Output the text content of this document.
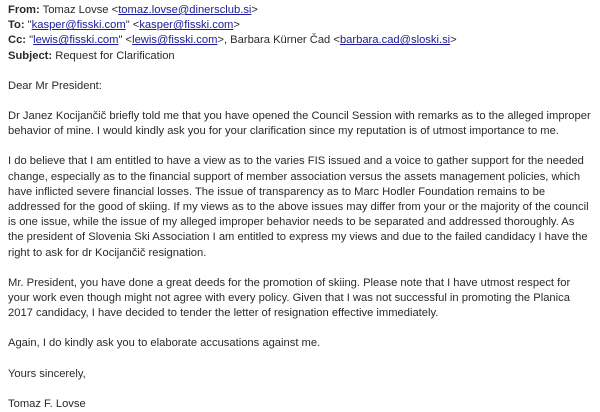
From: Tomaz Lovse <tomaz.lovse@dinersclub.si>
To: "kasper@fisski.com" <kasper@fisski.com>
Cc: "lewis@fisski.com" <lewis@fisski.com>, Barbara Kürner Čad <barbara.cad@sloski.si>
Subject: Request for Clarification

Dear Mr President:

Dr Janez Kocijančič briefly told me that you have opened the Council Session with remarks as to the alleged improper behavior of mine. I would kindly ask you for your clarification since my reputation is of utmost importance to me.

I do believe that I am entitled to have a view as to the varies FIS issued and a voice to gather support for the needed change, especially as to the financial support of member association versus the assets management policies, which have inflicted severe financial losses. The issue of transparency as to Marc Hodler Foundation remains to be addressed for the good of skiing. If my views as to the above issues may differ from your or the majority of the council is one issue, while the issue of my alleged improper behavior needs to be separated and addressed thoroughly. As the president of Slovenia Ski Association I am entitled to express my views and due to the failed candidacy I have the right to ask for dr Kocijančič resignation.

Mr. President, you have done a great deeds for the promotion of skiing. Please note that I have utmost respect for your work even though might not agree with every policy. Given that I was not successful in promoting the Planica 2017 candidacy, I have decided to tender the letter of resignation effective immediately.

Again, I do kindly ask you to elaborate accusations against me.

Yours sincerely,

Tomaz F. Lovse
